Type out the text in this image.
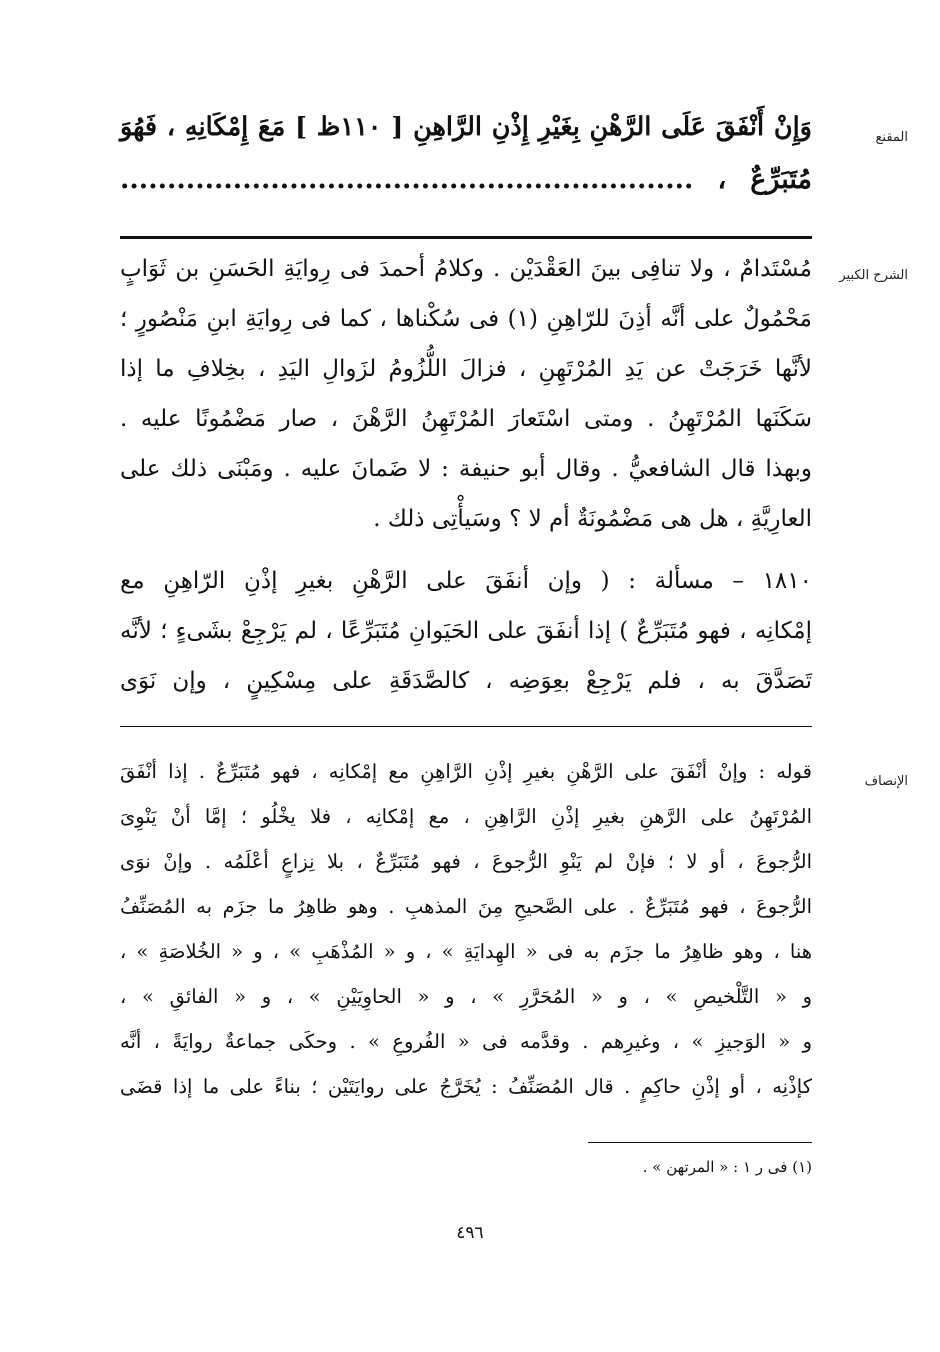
المقنع
وَإِنْ أَنْفَقَ عَلَى الرَّهْنِ بِغَيْرِ إِذْنِ الرَّاهِنِ [ ١١٠ظ ] مَعَ إِمْكَانِهِ ، فَهُوَ
مُتَبَرِّعٌ ، .............................................................
الشرح الكبير
مُسْتَدامٌ ، ولا تنافِى بينَ العَقْدَيْن . وكلامُ أحمدَ فى رِوايَةِ الحَسَنِ بن ثَوَابٍ
مَحْمُولٌ على أنَّه أذِنَ للرّاهِنِ (١) فى سُكْناها ، كما فى رِوايَةِ ابنِ مَنْصُورٍ ؛
لأنَّها خَرَجَتْ عن يَدِ المُرْتَهِنِ ، فزالَ اللُّزُومُ لزَوالِ اليَدِ ، بخِلافِ ما إذا
سَكَنَها المُرْتَهِنُ . ومتى اسْتَعارَ المُرْتَهِنُ الرَّهْنَ ، صار مَضْمُونًا عليه .
وبهذا قال الشافعيُّ . وقال أبو حنيفة : لا ضَمانَ عليه . ومَبْنَى ذلك على
العارِيَّةِ ، هل هى مَضْمُونَةٌ أم لا ؟ وسَيأْتِى ذلك .
١٨١٠ – مسألة : ( وإن أنفَقَ على الرَّهْنِ بغيرِ إذْنِ الرّاهِنِ مع
إمْكانِه ، فهو مُتَبَرِّعٌ ) إذا أنفَقَ على الحَيَوانِ مُتَبَرِّعًا ، لم يَرْجِعْ بشَىءٍ ؛ لأنَّه
تَصَدَّقَ به ، فلم يَرْجِعْ بعِوَضِه ، كالصَّدَقَةِ على مِسْكِينٍ ، وإن نَوَى
الإنصاف
قوله : وإنْ أنْفَقَ على الرَّهْنِ بغيرِ إذْنِ الرَّاهِنِ مع إمْكانِه ، فهو مُتَبَرِّعٌ . إذا أنْفَقَ
المُرْتَهِنُ على الرَّهنِ بغيرِ إذْنِ الرَّاهِنِ ، مع إمْكانِه ، فلا يخْلُو ؛ إمَّا أنْ يَنْوِىَ
الرُّجوعَ ، أو لا ؛ فإنْ لم يَنْوِ الرُّجوعَ ، فهو مُتَبَرِّعٌ ، بلا نِزاعٍ أعْلَمُه . وإنْ نوَى
الرُّجوعَ ، فهو مُتَبَرِّعٌ . على الصَّحيحِ مِنَ المذهبِ . وهو ظاهِرُ ما جزَم به المُصَنِّفُ
هنا ، وهو ظاهِرُ ما جزَم به فى « الهِدايَةِ » ، و « المُذْهَبِ » ، و « الخُلاصَةِ » ،
و « التَّلْخيصِ » ، و « المُحَرَّرِ » ، و « الحاوِيَيْنِ » ، و « الفائقِ » ،
و « الوَجيزِ » ، وغيرِهم . وقدَّمه فى « الفُروعِ » . وحكَى جماعةٌ روايَةً ، أنَّه
كإذْنِه ، أو إذْنِ حاكِمٍ . قال المُصَنِّفُ : يُخَرَّجُ على روايَتَيْن ؛ بناءً على ما إذا قضَى
(١) فى ر ١ : « المرتهن » .
٤٩٦
